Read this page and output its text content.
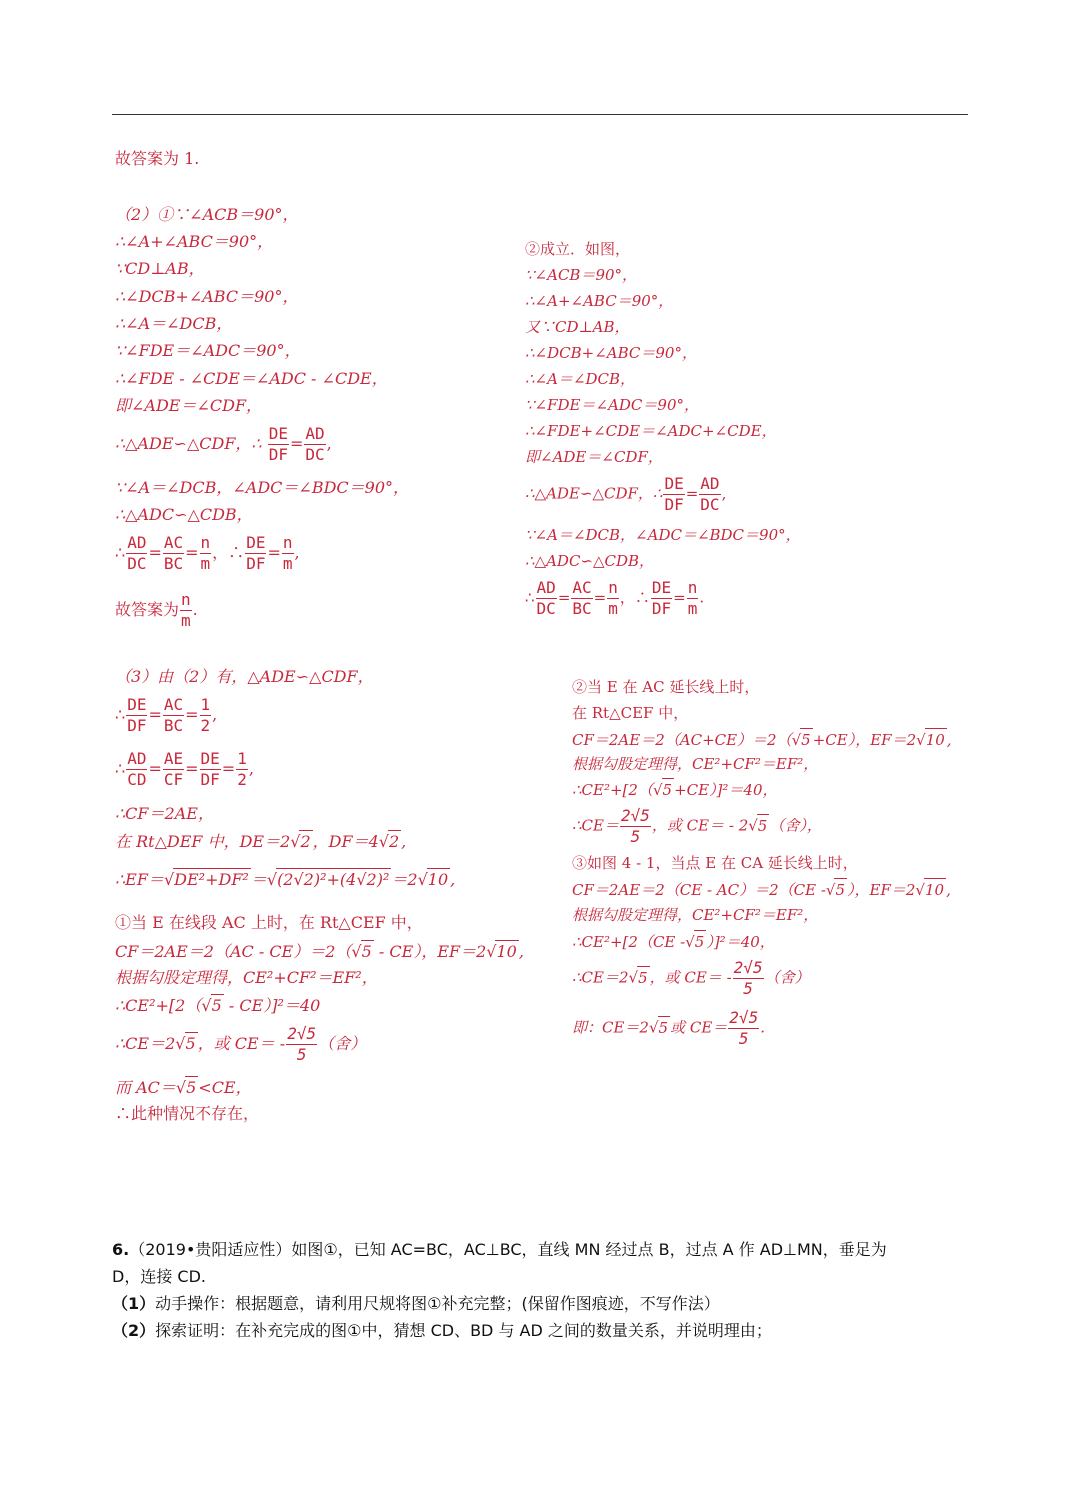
故答案为 1.
（2）①∵∠ACB＝90°，
∴∠A+∠ABC＝90°，
∵CD⊥AB，
∴∠DCB+∠ABC＝90°，
∴∠A＝∠DCB，
∵∠FDE＝∠ADC＝90°，
∴∠FDE - ∠CDE＝∠ADC - ∠CDE，
即∠ADE＝∠CDF，
∴△ADE∽△CDF，∴ $\frac{DE}{DF} = \frac{AD}{DC}$ ,
∵∠A＝∠DCB，∠ADC＝∠BDC＝90°，
∴△ADC∽△CDB，
∴ $\frac{AD}{DC} = \frac{AC}{BC} = \frac{n}{m}$ ，∴ $\frac{DE}{DF} = \frac{n}{m}$ ,
故答案为 $\frac{n}{m}$ .
②成立．如图，
∵∠ACB＝90°，
∴∠A+∠ABC＝90°，
又∵CD⊥AB，
∴∠DCB+∠ABC＝90°，
∴∠A＝∠DCB，
∵∠FDE＝∠ADC＝90°，
∴∠FDE+∠CDE＝∠ADC+∠CDE，
即∠ADE＝∠CDF，
∴△ADE∽△CDF，∴ $\frac{DE}{DF} = \frac{AD}{DC}$ ,
∵∠A＝∠DCB，∠ADC＝∠BDC＝90°，
∴△ADC∽△CDB，
∴ $\frac{AD}{DC} = \frac{AC}{BC} = \frac{n}{m}$ ，∴ $\frac{DE}{DF} = \frac{n}{m}$ .
（3）由（2）有，△ADE∽△CDF，
∴ $\frac{DE}{DF} = \frac{AC}{BC} = \frac{1}{2}$ ,
∴ $\frac{AD}{CD} = \frac{AE}{CF} = \frac{DE}{DF} = \frac{1}{2}$ ,
∴CF＝2AE，
在 Rt△DEF 中，DE＝2√2 ，DF＝4√2 ,
∴EF＝√DE²+DF² ＝√(2√2)²+(4√2)² ＝2√10 ,
①当 E 在线段 AC 上时，在 Rt△CEF 中，
CF＝2AE＝2（AC - CE）＝2（√5 - CE），EF＝2√10 ,
根据勾股定理得，CE²+CF²＝EF²，
∴CE²+[2（√5 - CE）]²＝40
∴CE＝2√5 ，或 $CE= - \frac{2√5}{5}$ （舍）
而 AC＝√5 <CE，
∴此种情况不存在，
②当 E 在 AC 延长线上时，
在 Rt△CEF 中，
CF＝2AE＝2（AC+CE）＝2（√5 +CE），EF＝2√10 ,
根据勾股定理得，CE²+CF²＝EF²，
∴CE²+[2（√5 +CE）]²＝40，
∴CE＝ $\frac{2√5}{5}$ ，或 CE＝ - 2√5 （舍），
③如图 4 - 1，当点 E 在 CA 延长线上时，
CF＝2AE＝2（CE - AC）＝2（CE -√5 ），EF＝2√10 ,
根据勾股定理得，CE²+CF²＝EF²，
∴CE²+[2（CE -√5 ）]²＝40，
∴CE＝2√5 ，或 $CE= - \frac{2√5}{5}$ （舍）
即：CE＝2√5 或 $CE= \frac{2√5}{5}$ .
6.（2019•贵阳适应性）如图①，已知 AC=BC，AC⊥BC，直线 MN 经过点 B，过点 A 作 AD⊥MN，垂足为
D，连接 CD.
（1）动手操作：根据题意，请利用尺规将图①补充完整；(保留作图痕迹，不写作法）
（2）探索证明：在补充完成的图①中，猜想 CD、BD 与 AD 之间的数量关系，并说明理由；
